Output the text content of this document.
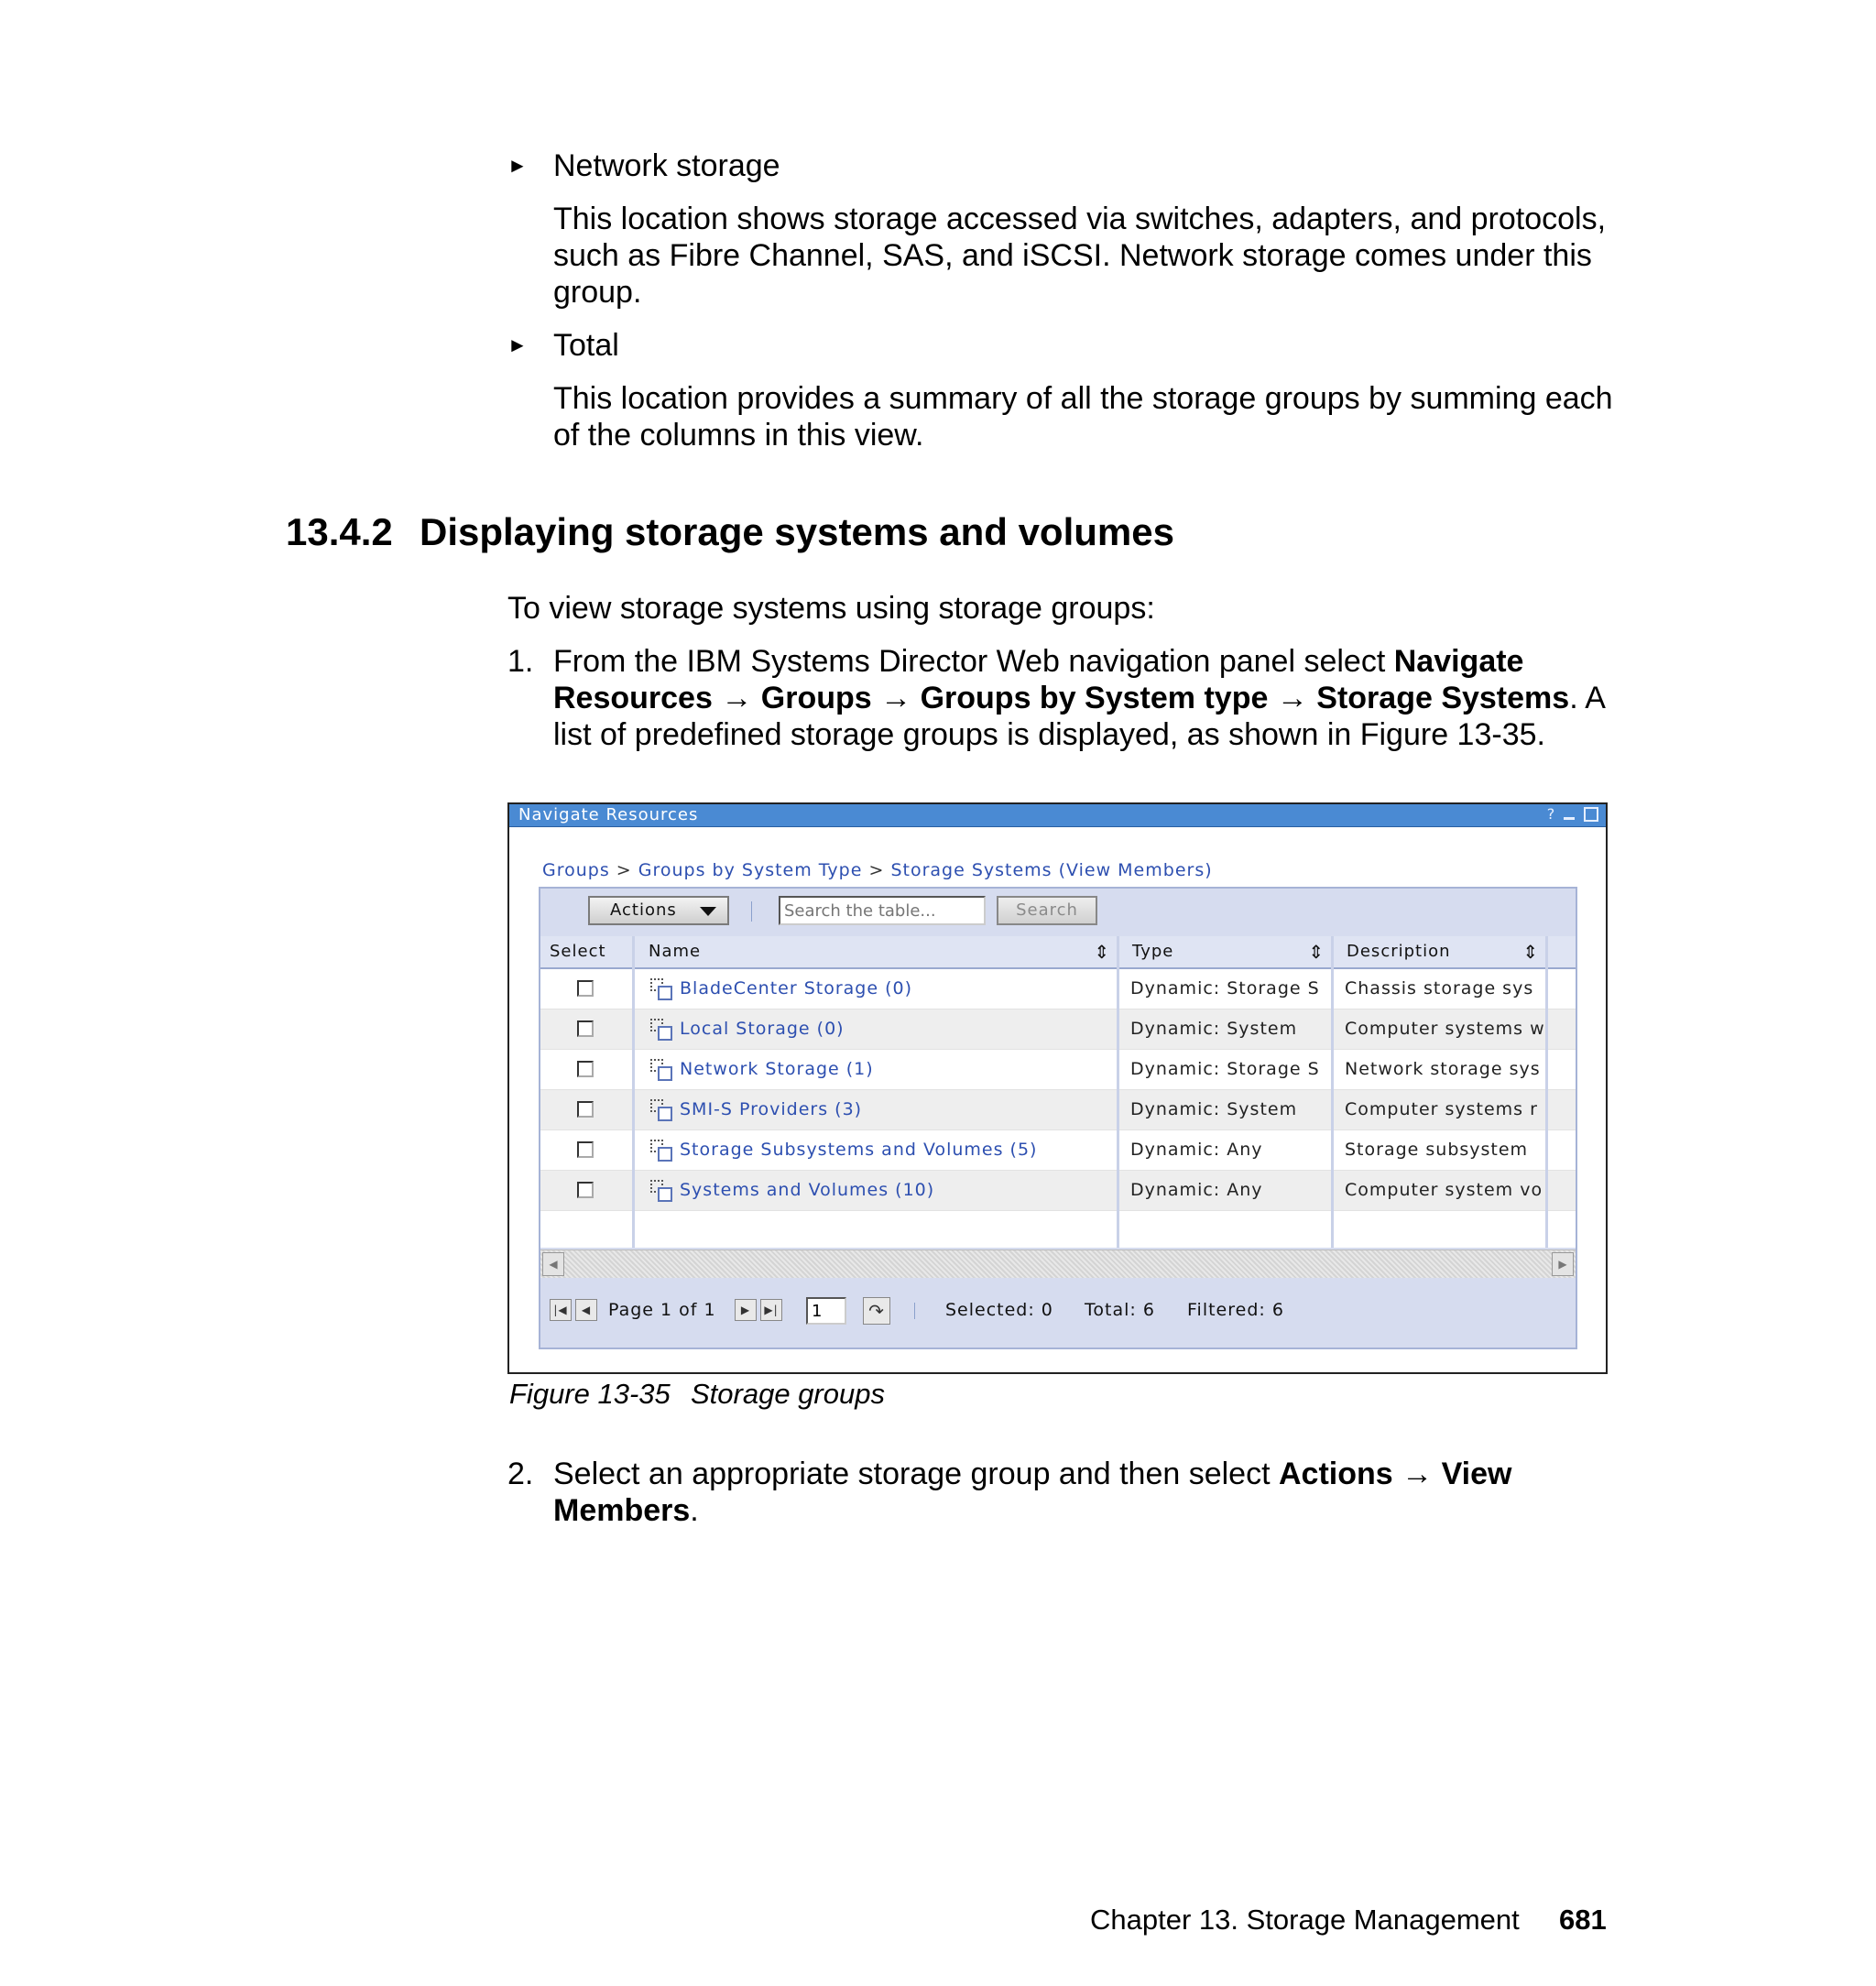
► Network storage
This location shows storage accessed via switches, adapters, and protocols,
such as Fibre Channel, SAS, and iSCSI. Network storage comes under this
group.
► Total
This location provides a summary of all the storage groups by summing each
of the columns in this view.
13.4.2 Displaying storage systems and volumes
To view storage systems using storage groups:
1. From the IBM Systems Director Web navigation panel select Navigate
Resources → Groups → Groups by System type → Storage Systems. A
list of predefined storage groups is displayed, as shown in Figure 13-35.
Navigate Resources	?
Groups > Groups by System Type > Storage Systems (View Members)
Actions
Search the table...	Search
Select	Name	⇕	Type	⇕	Description	⇕
BladeCenter Storage (0)	Dynamic: Storage S	Chassis storage sys
Local Storage (0)	Dynamic: System	Computer systems w
Network Storage (1)	Dynamic: Storage S	Network storage sys
SMI-S Providers (3)	Dynamic: System	Computer systems r
Storage Subsystems and Volumes (5)	Dynamic: Any	Storage subsystem
Systems and Volumes (10)	Dynamic: Any	Computer system vo
◀	▶
|◀	◀ Page 1 of 1	▶	▶|
1	↷	Selected: 0 Total: 6 Filtered: 6
Figure 13-35 Storage groups
2. Select an appropriate storage group and then select Actions → View
Members.
Chapter 13. Storage Management 681
